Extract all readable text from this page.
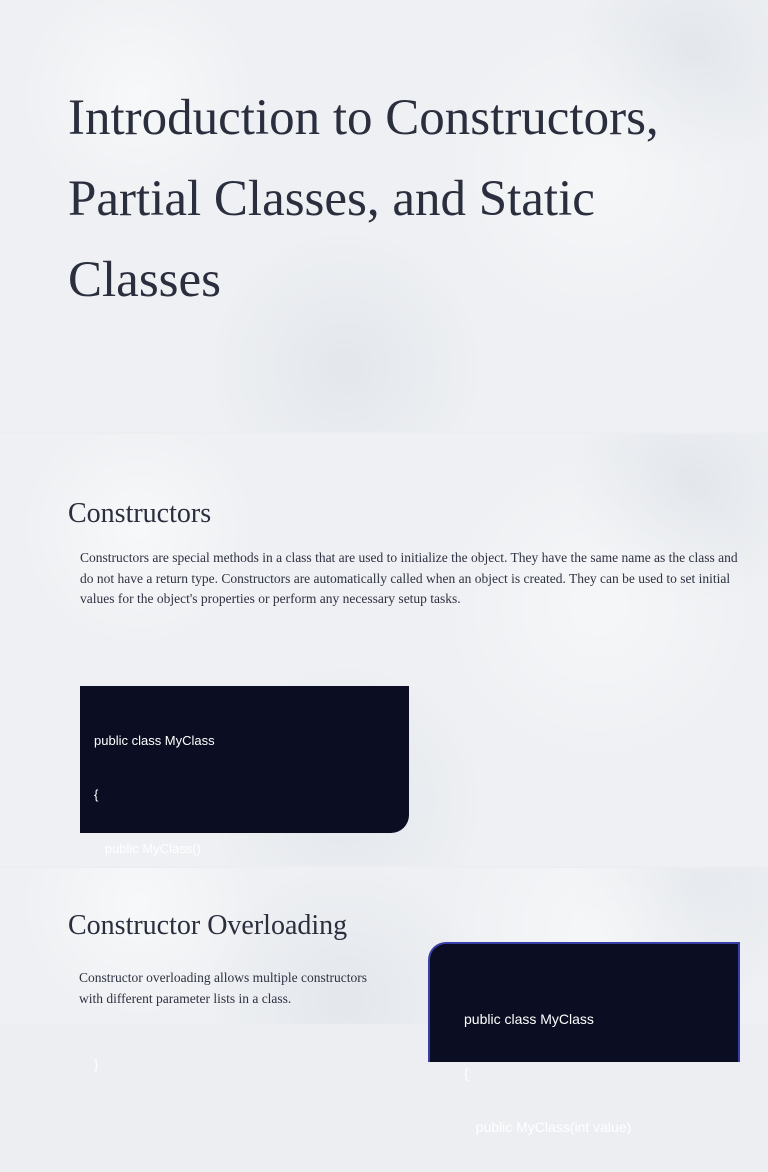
Introduction to Constructors, Partial Classes, and Static Classes
Constructors

Constructors are special methods in a class that are used to initialize the object. They have the same name as the class and do not have a return type. Constructors are automatically called when an object is created. They can be used to set initial values for the object's properties or perform any necessary setup tasks.

public class MyClass

{

public MyClass()

}

Constructor Overloading

Constructor overloading allows multiple constructors with different parameter lists in a class.

public class MyClass

{

public MyClass(int value)
